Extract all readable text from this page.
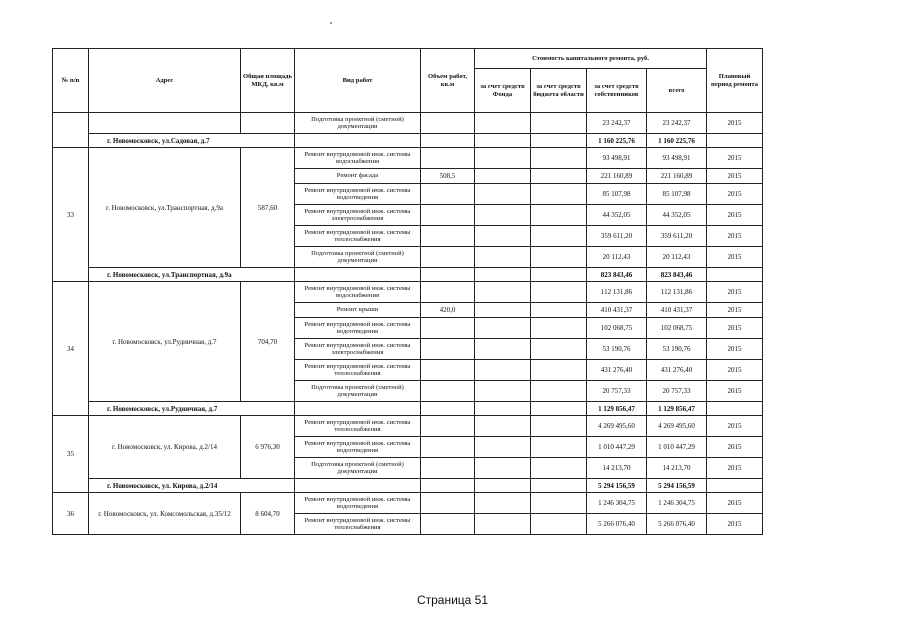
№ п/п	Адрес	Общая площадь МКД, кв.м	Вид работ	Объем работ, кв.м	Стоимость капитального ремонта, руб.				Плановый период ремонта
					за счет средств Фонда	за счет средств бюджета области	за счет средств собственников	всего	
			Подготовка проектной (сметной) документации				23 242,37	23 242,37	2015
	г. Новомосковск, ул.Садовая, д.7						1 160 225,76	1 160 225,76	
33	г. Новомосковск, ул.Транспортная, д.9а	587,60	Ремонт внутридомовой инж. системы водоснабжения				93 498,91	93 498,91	2015
			Ремонт фасада	508,5			221 160,89	221 160,89	2015
			Ремонт внутридомовой инж. системы водоотведения				85 107,98	85 107,98	2015
			Ремонт внутридомовой инж. системы электроснабжения				44 352,05	44 352,05	2015
			Ремонт внутридомовой инж. системы теплоснабжения				359 611,20	359 611,20	2015
			Подготовка проектной (сметной) документации				20 112,43	20 112,43	2015
	г. Новомосковск, ул.Транспортная, д.9а						823 843,46	823 843,46	
34	г. Новомосковск, ул.Рудничная, д.7	704,70	Ремонт внутридомовой инж. системы водоснабжения				112 131,86	112 131,86	2015
			Ремонт крыши	420,0			410 431,37	410 431,37	2015
			Ремонт внутридомовой инж. системы водоотведения				102 068,75	102 068,75	2015
			Ремонт внутридомовой инж. системы электроснабжения				53 190,76	53 190,76	2015
			Ремонт внутридомовой инж. системы теплоснабжения				431 276,40	431 276,40	2015
			Подготовка проектной (сметной) документации				20 757,33	20 757,33	2015
	г. Новомосковск, ул.Рудничная, д.7						1 129 856,47	1 129 856,47	
35	г. Новомосковск, ул. Кирова, д.2/14	6 976,30	Ремонт внутридомовой инж. системы теплоснабжения				4 269 495,60	4 269 495,60	2015
			Ремонт внутридомовой инж. системы водоотведения				1 010 447,29	1 010 447,29	2015
			Подготовка проектной (сметной) документации				14 213,70	14 213,70	2015
	г. Новомосковск, ул. Кирова, д.2/14						5 294 156,59	5 294 156,59	
36	г. Новомосковск, ул. Комсомольская, д.35/12	8 604,70	Ремонт внутридомовой инж. системы водоотведения				1 246 304,75	1 246 304,75	2015
			Ремонт внутридомовой инж. системы теплоснабжения				5 266 076,40	5 266 076,40	2015
Страница 51
